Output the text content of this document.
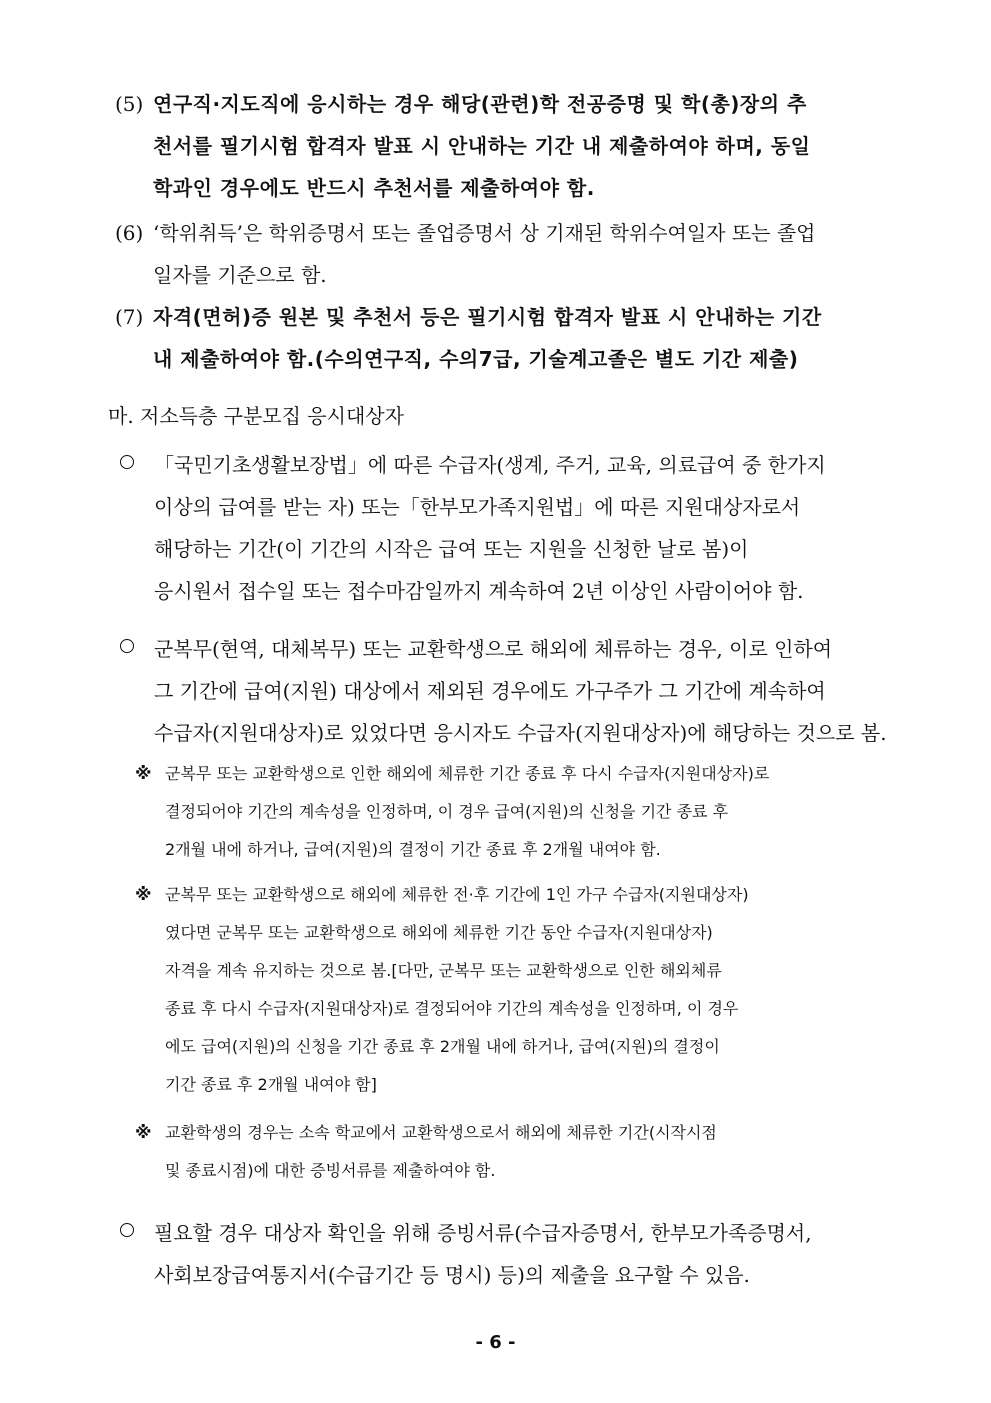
(5) 연구직·지도직에 응시하는 경우 해당(관련)학 전공증명 및 학(총)장의 추
천서를 필기시험 합격자 발표 시 안내하는 기간 내 제출하여야 하며, 동일
학과인 경우에도 반드시 추천서를 제출하여야 함.
(6) ‘학위취득’은 학위증명서 또는 졸업증명서 상 기재된 학위수여일자 또는 졸업
일자를 기준으로 함.
(7) 자격(면허)증 원본 및 추천서 등은 필기시험 합격자 발표 시 안내하는 기간
내 제출하여야 함.(수의연구직, 수의7급, 기술계고졸은 별도 기간 제출)
마. 저소득층 구분모집 응시대상자
「국민기초생활보장법」에 따른 수급자(생계, 주거, 교육, 의료급여 중 한가지
이상의 급여를 받는 자) 또는「한부모가족지원법」에 따른 지원대상자로서
해당하는 기간(이 기간의 시작은 급여 또는 지원을 신청한 날로 봄)이
응시원서 접수일 또는 접수마감일까지 계속하여 2년 이상인 사람이어야 함.
군복무(현역, 대체복무) 또는 교환학생으로 해외에 체류하는 경우, 이로 인하여
그 기간에 급여(지원) 대상에서 제외된 경우에도 가구주가 그 기간에 계속하여
수급자(지원대상자)로 있었다면 응시자도 수급자(지원대상자)에 해당하는 것으로 봄.
※ 군복무 또는 교환학생으로 인한 해외에 체류한 기간 종료 후 다시 수급자(지원대상자)로
결정되어야 기간의 계속성을 인정하며, 이 경우 급여(지원)의 신청을 기간 종료 후
2개월 내에 하거나, 급여(지원)의 결정이 기간 종료 후 2개월 내여야 함.
※ 군복무 또는 교환학생으로 해외에 체류한 전·후 기간에 1인 가구 수급자(지원대상자)
였다면 군복무 또는 교환학생으로 해외에 체류한 기간 동안 수급자(지원대상자)
자격을 계속 유지하는 것으로 봄.[다만, 군복무 또는 교환학생으로 인한 해외체류
종료 후 다시 수급자(지원대상자)로 결정되어야 기간의 계속성을 인정하며, 이 경우
에도 급여(지원)의 신청을 기간 종료 후 2개월 내에 하거나, 급여(지원)의 결정이
기간 종료 후 2개월 내여야 함]
※ 교환학생의 경우는 소속 학교에서 교환학생으로서 해외에 체류한 기간(시작시점
및 종료시점)에 대한 증빙서류를 제출하여야 함.
필요할 경우 대상자 확인을 위해 증빙서류(수급자증명서, 한부모가족증명서,
사회보장급여통지서(수급기간 등 명시) 등)의 제출을 요구할 수 있음.
- 6 -
